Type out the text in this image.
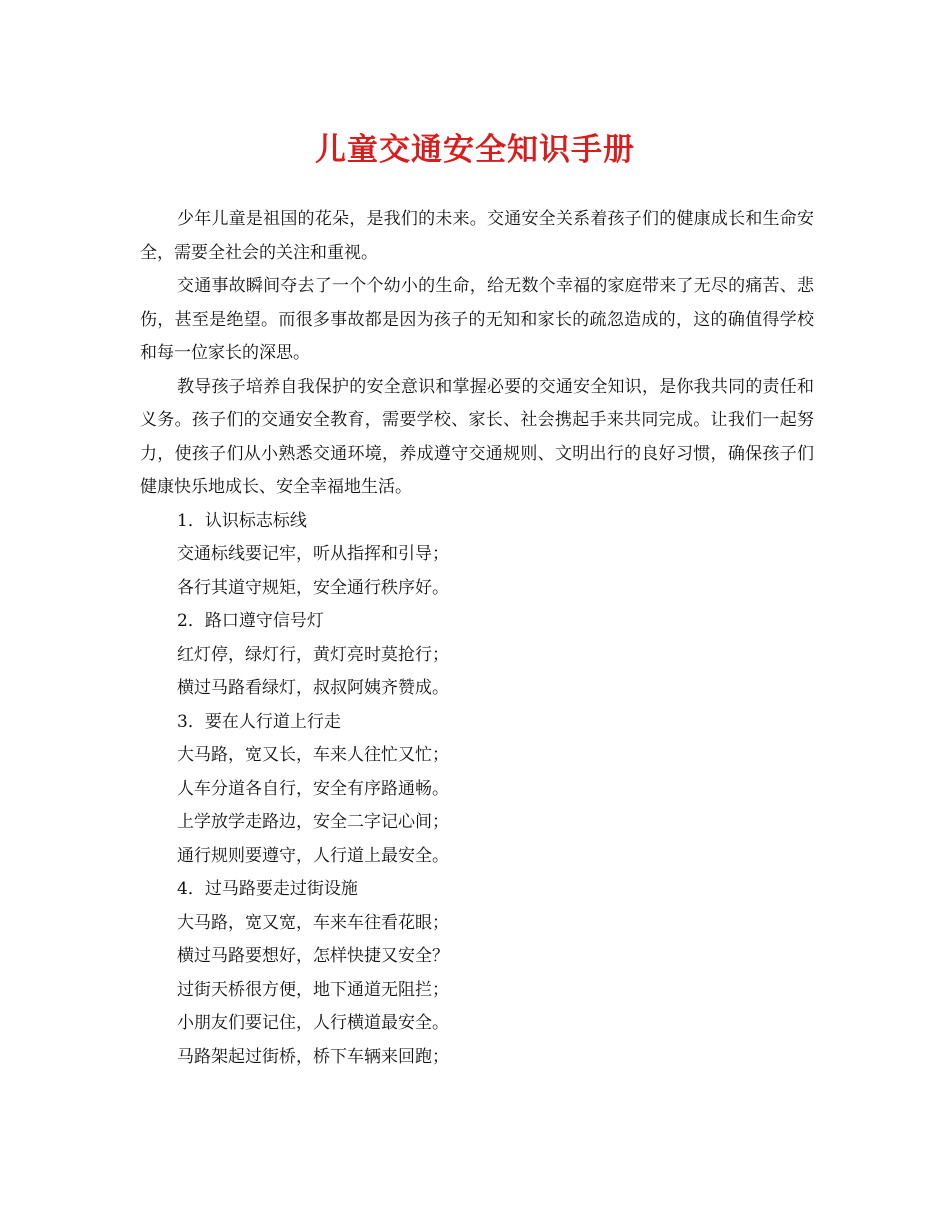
儿童交通安全知识手册

少年儿童是祖国的花朵，是我们的未来。交通安全关系着孩子们的健康成长和生命安全，需要全社会的关注和重视。

交通事故瞬间夺去了一个个幼小的生命，给无数个幸福的家庭带来了无尽的痛苦、悲伤，甚至是绝望。而很多事故都是因为孩子的无知和家长的疏忽造成的，这的确值得学校和每一位家长的深思。

教导孩子培养自我保护的安全意识和掌握必要的交通安全知识，是你我共同的责任和义务。孩子们的交通安全教育，需要学校、家长、社会携起手来共同完成。让我们一起努力，使孩子们从小熟悉交通环境，养成遵守交通规则、文明出行的良好习惯，确保孩子们健康快乐地成长、安全幸福地生活。

1．认识标志标线

交通标线要记牢，听从指挥和引导；

各行其道守规矩，安全通行秩序好。

2．路口遵守信号灯

红灯停，绿灯行，黄灯亮时莫抢行；

横过马路看绿灯，叔叔阿姨齐赞成。

3．要在人行道上行走

大马路，宽又长，车来人往忙又忙；

人车分道各自行，安全有序路通畅。

上学放学走路边，安全二字记心间；

通行规则要遵守，人行道上最安全。

4．过马路要走过街设施

大马路，宽又宽，车来车往看花眼；

横过马路要想好，怎样快捷又安全？

过街天桥很方便，地下通道无阻拦；

小朋友们要记住，人行横道最安全。

马路架起过街桥，桥下车辆来回跑；
